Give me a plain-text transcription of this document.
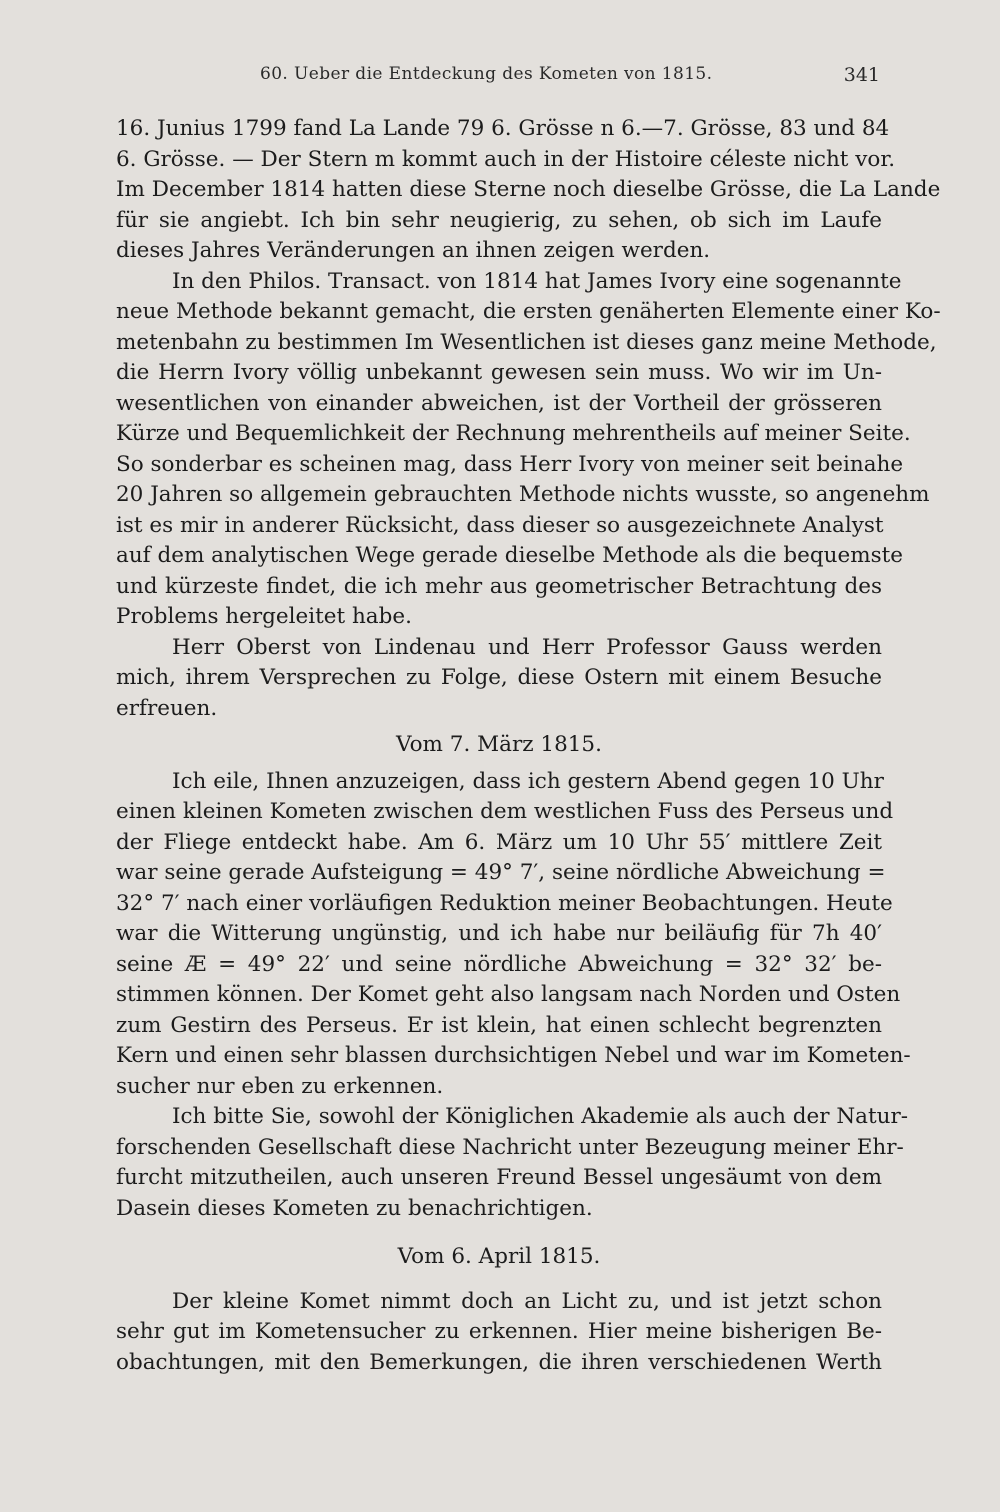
60. Ueber die Entdeckung des Kometen von 1815.	341
16. Junius 1799 fand La Lande 79 6. Grösse n 6.—7. Grösse, 83 und 84
6. Grösse. — Der Stern m kommt auch in der Histoire céleste nicht vor.
Im December 1814 hatten diese Sterne noch dieselbe Grösse, die La Lande
für sie angiebt. Ich bin sehr neugierig, zu sehen, ob sich im Laufe
dieses Jahres Veränderungen an ihnen zeigen werden.
In den Philos. Transact. von 1814 hat James Ivory eine sogenannte
neue Methode bekannt gemacht, die ersten genäherten Elemente einer Ko-
metenbahn zu bestimmen Im Wesentlichen ist dieses ganz meine Methode,
die Herrn Ivory völlig unbekannt gewesen sein muss. Wo wir im Un-
wesentlichen von einander abweichen, ist der Vortheil der grösseren
Kürze und Bequemlichkeit der Rechnung mehrentheils auf meiner Seite.
So sonderbar es scheinen mag, dass Herr Ivory von meiner seit beinahe
20 Jahren so allgemein gebrauchten Methode nichts wusste, so angenehm
ist es mir in anderer Rücksicht, dass dieser so ausgezeichnete Analyst
auf dem analytischen Wege gerade dieselbe Methode als die bequemste
und kürzeste findet, die ich mehr aus geometrischer Betrachtung des
Problems hergeleitet habe.
Herr Oberst von Lindenau und Herr Professor Gauss werden
mich, ihrem Versprechen zu Folge, diese Ostern mit einem Besuche
erfreuen.
Vom 7. März 1815.
Ich eile, Ihnen anzuzeigen, dass ich gestern Abend gegen 10 Uhr
einen kleinen Kometen zwischen dem westlichen Fuss des Perseus und
der Fliege entdeckt habe. Am 6. März um 10 Uhr 55′ mittlere Zeit
war seine gerade Aufsteigung = 49° 7′, seine nördliche Abweichung =
32° 7′ nach einer vorläufigen Reduktion meiner Beobachtungen. Heute
war die Witterung ungünstig, und ich habe nur beiläufig für 7h 40′
seine Æ = 49° 22′ und seine nördliche Abweichung = 32° 32′ be-
stimmen können. Der Komet geht also langsam nach Norden und Osten
zum Gestirn des Perseus. Er ist klein, hat einen schlecht begrenzten
Kern und einen sehr blassen durchsichtigen Nebel und war im Kometen-
sucher nur eben zu erkennen.
Ich bitte Sie, sowohl der Königlichen Akademie als auch der Natur-
forschenden Gesellschaft diese Nachricht unter Bezeugung meiner Ehr-
furcht mitzutheilen, auch unseren Freund Bessel ungesäumt von dem
Dasein dieses Kometen zu benachrichtigen.
Vom 6. April 1815.
Der kleine Komet nimmt doch an Licht zu, und ist jetzt schon
sehr gut im Kometensucher zu erkennen. Hier meine bisherigen Be-
obachtungen, mit den Bemerkungen, die ihren verschiedenen Werth
